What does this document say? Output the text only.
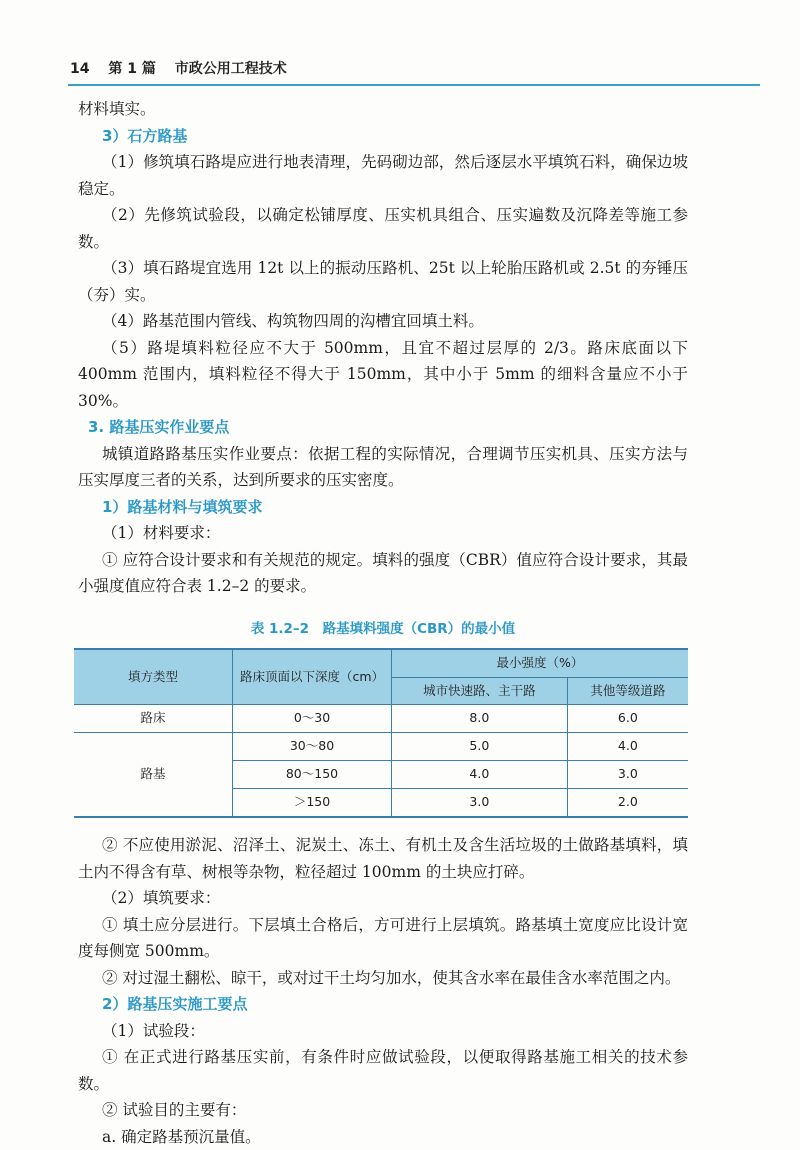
14 第 1 篇 市政公用工程技术

材料填实。

3）石方路基

（1）修筑填石路堤应进行地表清理，先码砌边部，然后逐层水平填筑石料，确保边坡稳定。

（2）先修筑试验段，以确定松铺厚度、压实机具组合、压实遍数及沉降差等施工参数。

（3）填石路堤宜选用 12t 以上的振动压路机、25t 以上轮胎压路机或 2.5t 的夯锤压（夯）实。

（4）路基范围内管线、构筑物四周的沟槽宜回填土料。

（5）路堤填料粒径应不大于 500mm，且宜不超过层厚的 2/3。路床底面以下 400mm 范围内，填料粒径不得大于 150mm，其中小于 5mm 的细料含量应不小于 30%。

3. 路基压实作业要点

城镇道路路基压实作业要点：依据工程的实际情况，合理调节压实机具、压实方法与压实厚度三者的关系，达到所要求的压实密度。

1）路基材料与填筑要求

（1）材料要求：

① 应符合设计要求和有关规范的规定。填料的强度（CBR）值应符合设计要求，其最小强度值应符合表 1.2–2 的要求。

表 1.2–2　路基填料强度（CBR）的最小值
填方类型	路床顶面以下深度（cm）	最小强度（%）	
		城市快速路、主干路	其他等级道路
路床	0～30	8.0	6.0
路基	30～80	5.0	4.0
	80～150	4.0	3.0
	＞150	3.0	2.0

② 不应使用淤泥、沼泽土、泥炭土、冻土、有机土及含生活垃圾的土做路基填料，填土内不得含有草、树根等杂物，粒径超过 100mm 的土块应打碎。

（2）填筑要求：

① 填土应分层进行。下层填土合格后，方可进行上层填筑。路基填土宽度应比设计宽度每侧宽 500mm。

② 对过湿土翻松、晾干，或对过干土均匀加水，使其含水率在最佳含水率范围之内。

2）路基压实施工要点

（1）试验段：

① 在正式进行路基压实前，有条件时应做试验段，以便取得路基施工相关的技术参数。

② 试验目的主要有：

a. 确定路基预沉量值。
